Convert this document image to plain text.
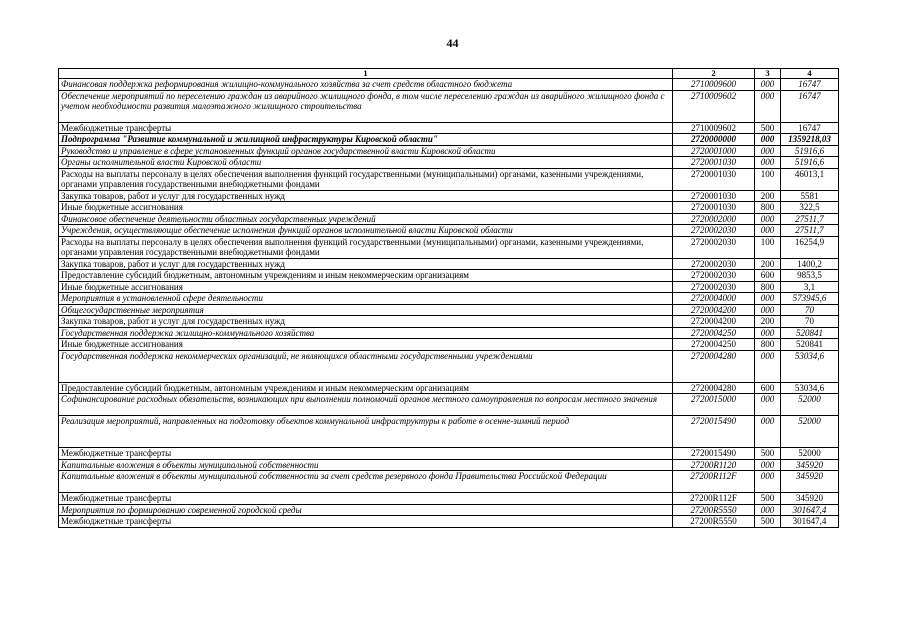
44
1	2	3	4
Финансовая поддержка реформирования жилищно-коммунального хозяйства за счет средств областного бюджета	2710009600	000	16747
Обеспечение мероприятий по переселению граждан из аварийного жилищного фонда, в том числе переселению граждан из аварийного жилищного фонда с учетом необходимости развития малоэтажного жилищного строительства	2710009602	000	16747
Межбюджетные трансферты	2710009602	500	16747
Подпрограмма "Развитие коммунальной и жилищной инфраструктуры Кировской области"	2720000000	000	1359218,03
Руководство и управление в сфере установленных функций органов государственной власти Кировской области	2720001000	000	51916,6
Органы исполнительной власти Кировской области	2720001030	000	51916,6
Расходы на выплаты персоналу в целях обеспечения выполнения функций государственными (муниципальными) органами, казенными учреждениями, органами управления государственными внебюджетными фондами	2720001030	100	46013,1
Закупка товаров, работ и услуг для государственных нужд	2720001030	200	5581
Иные бюджетные ассигнования	2720001030	800	322,5
Финансовое обеспечение деятельности областных государственных учреждений	2720002000	000	27511,7
Учреждения, осуществляющие обеспечение исполнения функций органов исполнительной власти Кировской области	2720002030	000	27511,7
Расходы на выплаты персоналу в целях обеспечения выполнения функций государственными (муниципальными) органами, казенными учреждениями, органами управления государственными внебюджетными фондами	2720002030	100	16254,9
Закупка товаров, работ и услуг для государственных нужд	2720002030	200	1400,2
Предоставление субсидий бюджетным, автономным учреждениям и иным некоммерческим организациям	2720002030	600	9853,5
Иные бюджетные ассигнования	2720002030	800	3,1
Мероприятия в установленной сфере деятельности	2720004000	000	573945,6
Общегосударственные мероприятия	2720004200	000	70
Закупка товаров, работ и услуг для государственных нужд	2720004200	200	70
Государственная поддержка жилищно-коммунального хозяйства	2720004250	000	520841
Иные бюджетные ассигнования	2720004250	800	520841
Государственная поддержка некоммерческих организаций, не являющихся областными государственными учреждениями	2720004280	000	53034,6
Предоставление субсидий бюджетным, автономным учреждениям и иным некоммерческим организациям	2720004280	600	53034,6
Софинансирование расходных обязательств, возникающих при выполнении полномочий органов местного самоуправления по вопросам местного значения	2720015000	000	52000
Реализация мероприятий, направленных на подготовку объектов коммунальной инфраструктуры к работе в осенне-зимний период	2720015490	000	52000
Межбюджетные трансферты	2720015490	500	52000
Капитальные вложения в объекты муниципальной собственности	27200R1120	000	345920
Капитальные вложения в объекты муниципальной собственности за счет средств резервного фонда Правительства Российской Федерации	27200R112F	000	345920
Межбюджетные трансферты	27200R112F	500	345920
Мероприятия по формированию современной городской среды	27200R5550	000	301647,4
Межбюджетные трансферты	27200R5550	500	301647,4
